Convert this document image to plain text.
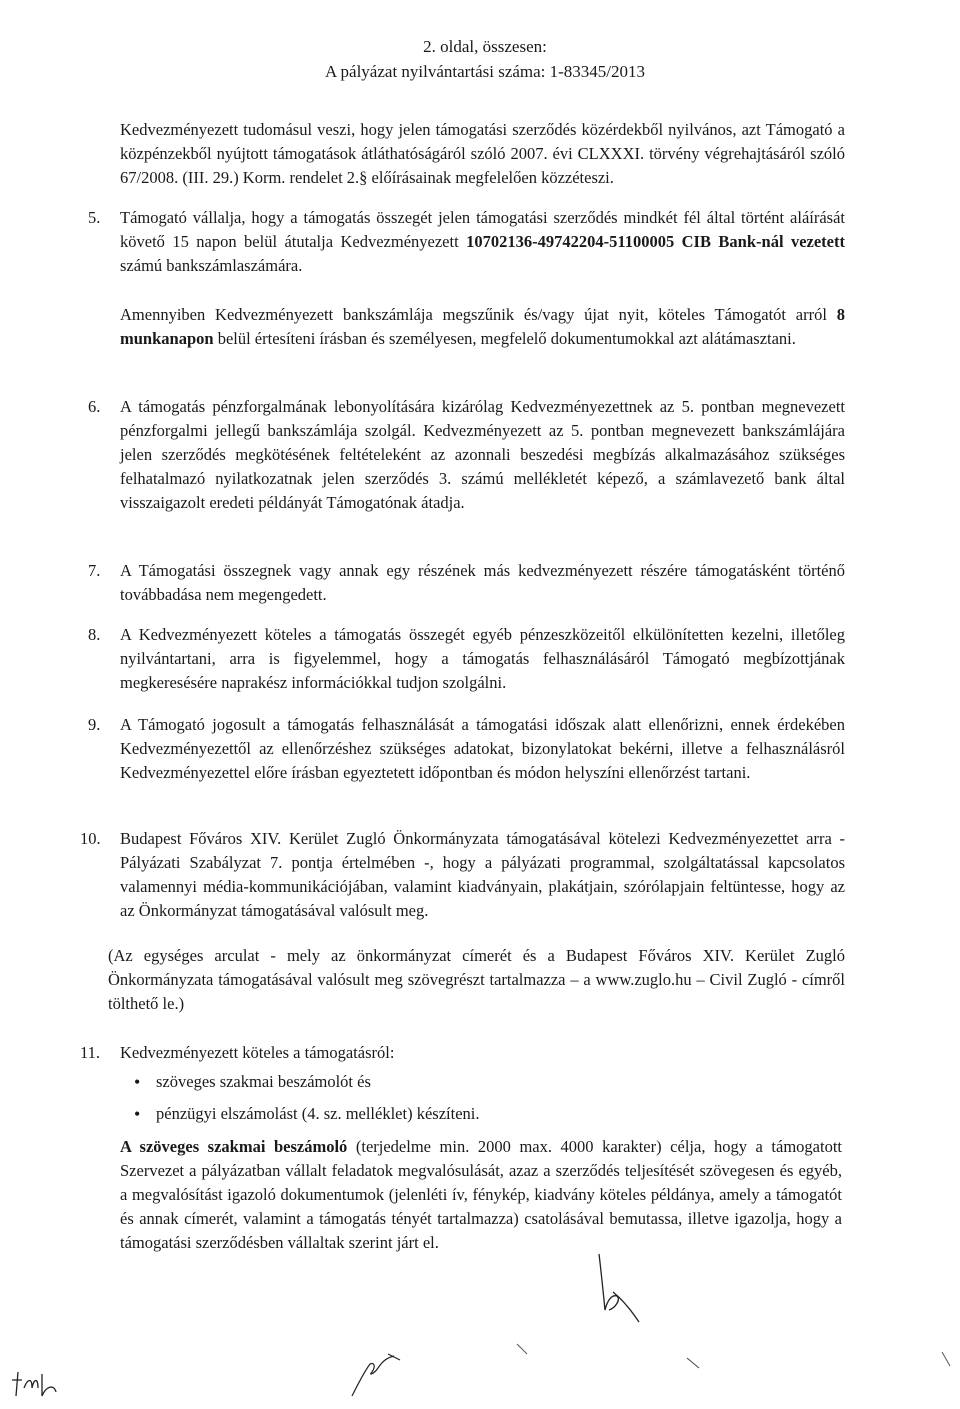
2. oldal, összesen:
A pályázat nyilvántartási száma: 1-83345/2013
Kedvezményezett tudomásul veszi, hogy jelen támogatási szerződés közérdekből nyilvános, azt Támogató a közpénzekből nyújtott támogatások átláthatóságáról szóló 2007. évi CLXXXI. törvény végrehajtásáról szóló 67/2008. (III. 29.) Korm. rendelet 2.§ előírásainak megfelelően közzéteszi.
5. Támogató vállalja, hogy a támogatás összegét jelen támogatási szerződés mindkét fél által történt aláírását követő 15 napon belül átutalja Kedvezményezett 10702136-49742204-51100005 CIB Bank-nál vezetett számú bankszámlaszámára.
Amennyiben Kedvezményezett bankszámlája megszűnik és/vagy újat nyit, köteles Támogatót arról 8 munkanapon belül értesíteni írásban és személyesen, megfelelő dokumentumokkal azt alátámasztani.
6. A támogatás pénzforgalmának lebonyolítására kizárólag Kedvezményezettnek az 5. pontban megnevezett pénzforgalmi jellegű bankszámlája szolgál. Kedvezményezett az 5. pontban megnevezett bankszámlájára jelen szerződés megkötésének feltételeként az azonnali beszedési megbízás alkalmazásához szükséges felhatalmazó nyilatkozatnak jelen szerződés 3. számú mellékletét képező, a számlavezető bank által visszaigazolt eredeti példányát Támogatónak átadja.
7. A Támogatási összegnek vagy annak egy részének más kedvezményezett részére támogatásként történő továbbadása nem megengedett.
8. A Kedvezményezett köteles a támogatás összegét egyéb pénzeszközeitől elkülönítetten kezelni, illetőleg nyilvántartani, arra is figyelemmel, hogy a támogatás felhasználásáról Támogató megbízottjának megkeresésére naprakész információkkal tudjon szolgálni.
9. A Támogató jogosult a támogatás felhasználását a támogatási időszak alatt ellenőrizni, ennek érdekében Kedvezményezettől az ellenőrzéshez szükséges adatokat, bizonylatokat bekérni, illetve a felhasználásról Kedvezményezettel előre írásban egyeztetett időpontban és módon helyszíni ellenőrzést tartani.
10. Budapest Főváros XIV. Kerület Zugló Önkormányzata támogatásával kötelezi Kedvezményezettet arra - Pályázati Szabályzat 7. pontja értelmében -, hogy a pályázati programmal, szolgáltatással kapcsolatos valamennyi média-kommunikációjában, valamint kiadványain, plakátjain, szórólapjain feltüntesse, hogy az az Önkormányzat támogatásával valósult meg.
(Az egységes arculat - mely az önkormányzat címerét és a Budapest Főváros XIV. Kerület Zugló Önkormányzata támogatásával valósult meg szövegrészt tartalmazza – a www.zuglo.hu – Civil Zugló - címről tölthető le.)
11. Kedvezményezett köteles a támogatásról:
• szöveges szakmai beszámolót és
• pénzügyi elszámolást (4. sz. melléklet) készíteni.
A szöveges szakmai beszámoló (terjedelme min. 2000 max. 4000 karakter) célja, hogy a támogatott Szervezet a pályázatban vállalt feladatok megvalósulását, azaz a szerződés teljesítését szövegesen és egyéb, a megvalósítást igazoló dokumentumok (jelenléti ív, fénykép, kiadvány köteles példánya, amely a támogatót és annak címerét, valamint a támogatás tényét tartalmazza) csatolásával bemutassa, illetve igazolja, hogy a támogatási szerződésben vállaltak szerint járt el.
